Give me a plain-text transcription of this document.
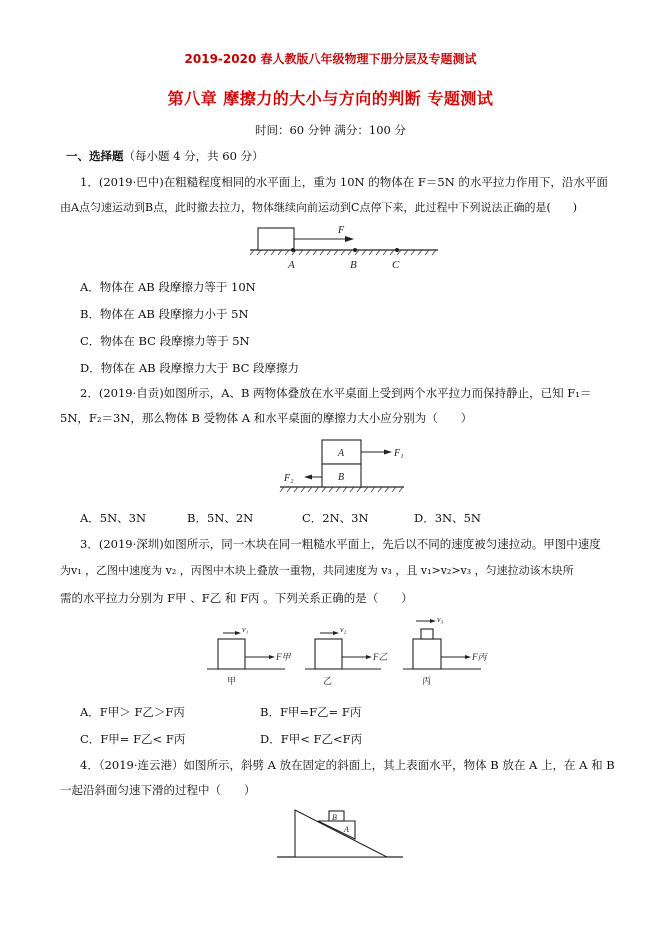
2019-2020 春人教版八年级物理下册分层及专题测试
第八章 摩擦力的大小与方向的判断 专题测试
时间：60 分钟 满分：100 分
一、选择题（每小题 4 分，共 60 分）
1．(2019·巴中)在粗糙程度相同的水平面上，重为 10N 的物体在 F＝5N 的水平拉力作用下，沿水平面
由A点匀速运动到B点，此时撤去拉力，物体继续向前运动到C点停下来，此过程中下列说法正确的是(　　)
F
A	B	C
A．物体在 AB 段摩擦力等于 10N
B．物体在 AB 段摩擦力小于 5N
C．物体在 BC 段摩擦力等于 5N
D．物体在 AB 段摩擦力大于 BC 段摩擦力
2．(2019·自贡)如图所示，A、B 两物体叠放在水平桌面上受到两个水平拉力而保持静止，已知 F₁＝
5N，F₂＝3N，那么物体 B 受物体 A 和水平桌面的摩擦力大小应分别为（　　）
A
B
F₁
F₂
A．5N、3N	B．5N、2N	C．2N、3N	D．3N、5N
3．(2019·深圳)如图所示，同一木块在同一粗糙水平面上，先后以不同的速度被匀速拉动。甲图中速度
为v₁ ，乙图中速度为 v₂ ，丙图中木块上叠放一重物，共同速度为 v₃ ，且 v₁>v₂>v₃ ，匀速拉动该木块所
需的水平拉力分别为 F甲 、F乙 和 F丙 。下列关系正确的是（　　）
v₁
F甲
甲
v₂
F乙
乙
v₃
F丙
丙
A．F甲＞ F乙＞F丙	B．F甲=F乙= F丙
C．F甲= F乙< F丙	D．F甲< F乙<F丙
4．（2019·连云港）如图所示，斜劈 A 放在固定的斜面上，其上表面水平，物体 B 放在 A 上，在 A 和 B
一起沿斜面匀速下滑的过程中（　　）
B
A
